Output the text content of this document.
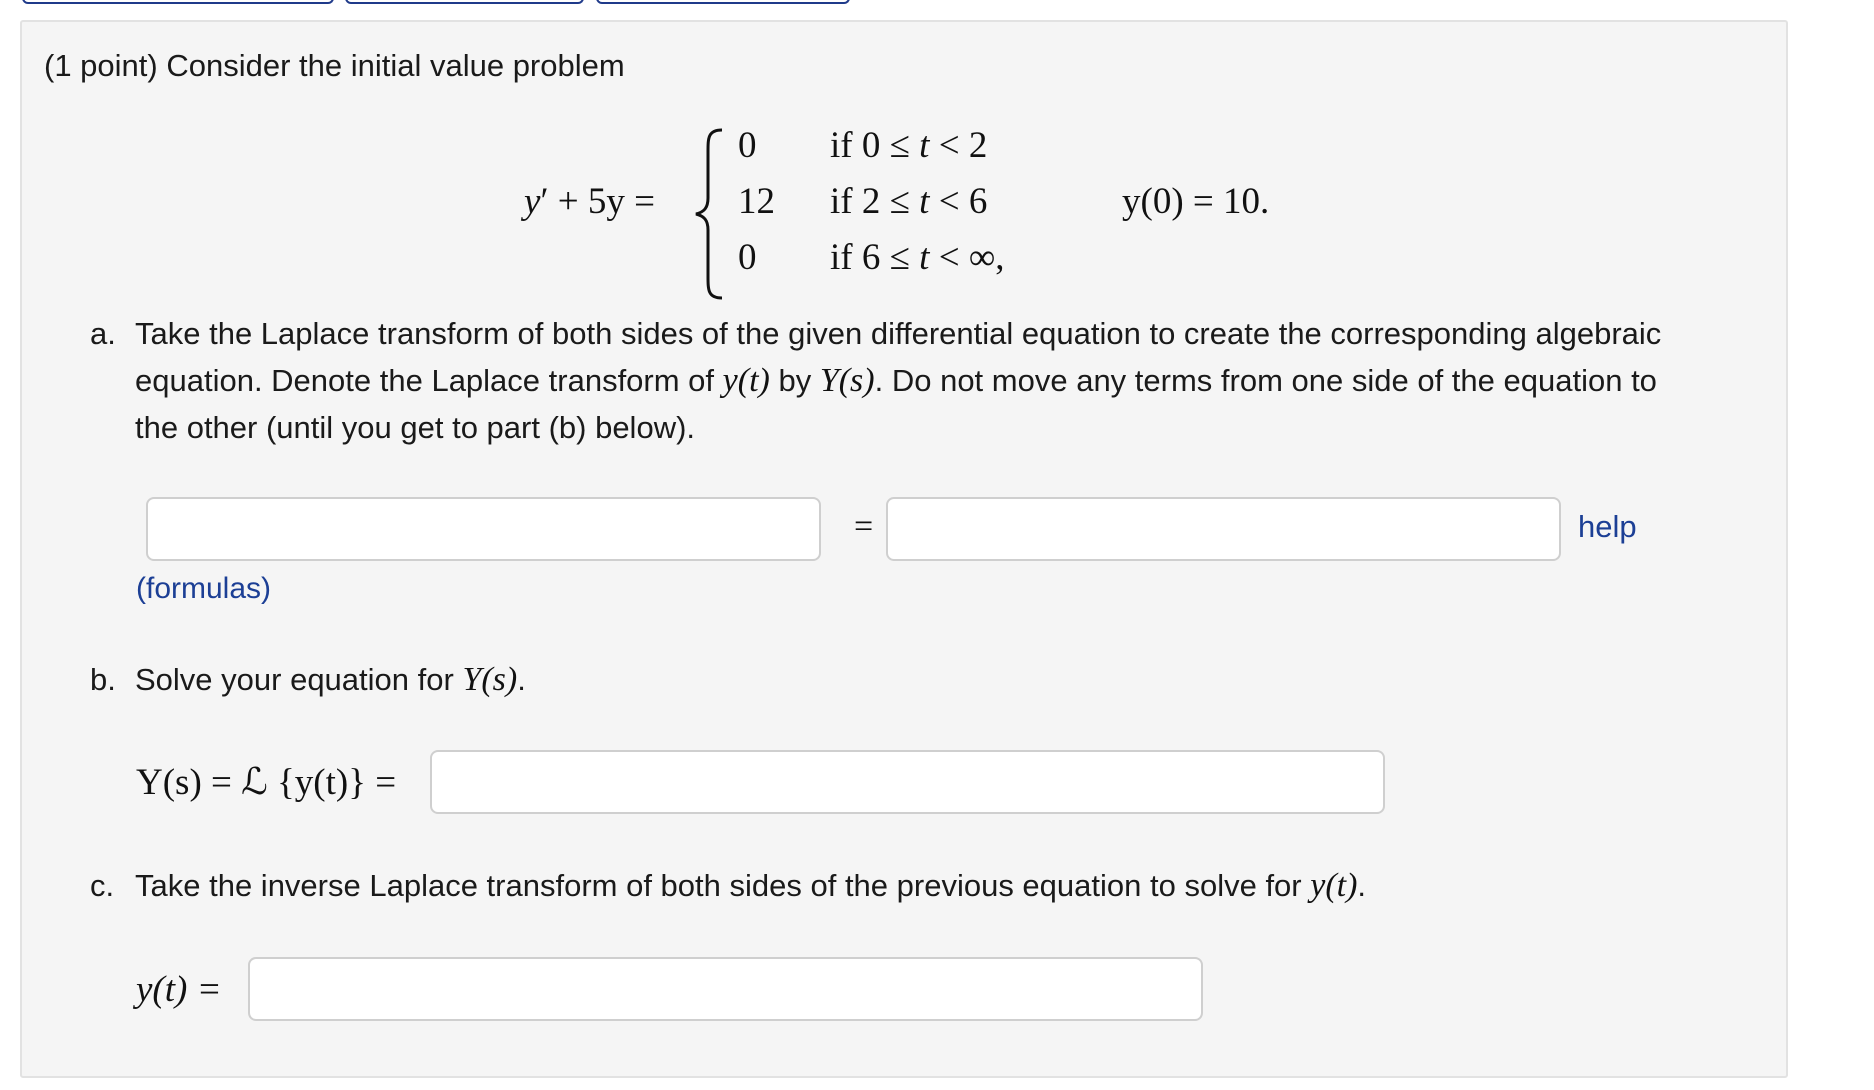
(1 point) Consider the initial value problem
y′ + 5y =
0 if 0 ≤ t < 2
12 if 2 ≤ t < 6
0 if 6 ≤ t < ∞,
y(0) = 10.
a. Take the Laplace transform of both sides of the given differential equation to create the corresponding algebraic
equation. Denote the Laplace transform of y(t) by Y(s). Do not move any terms from one side of the equation to
the other (until you get to part (b) below).
=	help
(formulas)
b. Solve your equation for Y(s).
Y(s) = ℒ {y(t)} =
c. Take the inverse Laplace transform of both sides of the previous equation to solve for y(t).
y(t) =
